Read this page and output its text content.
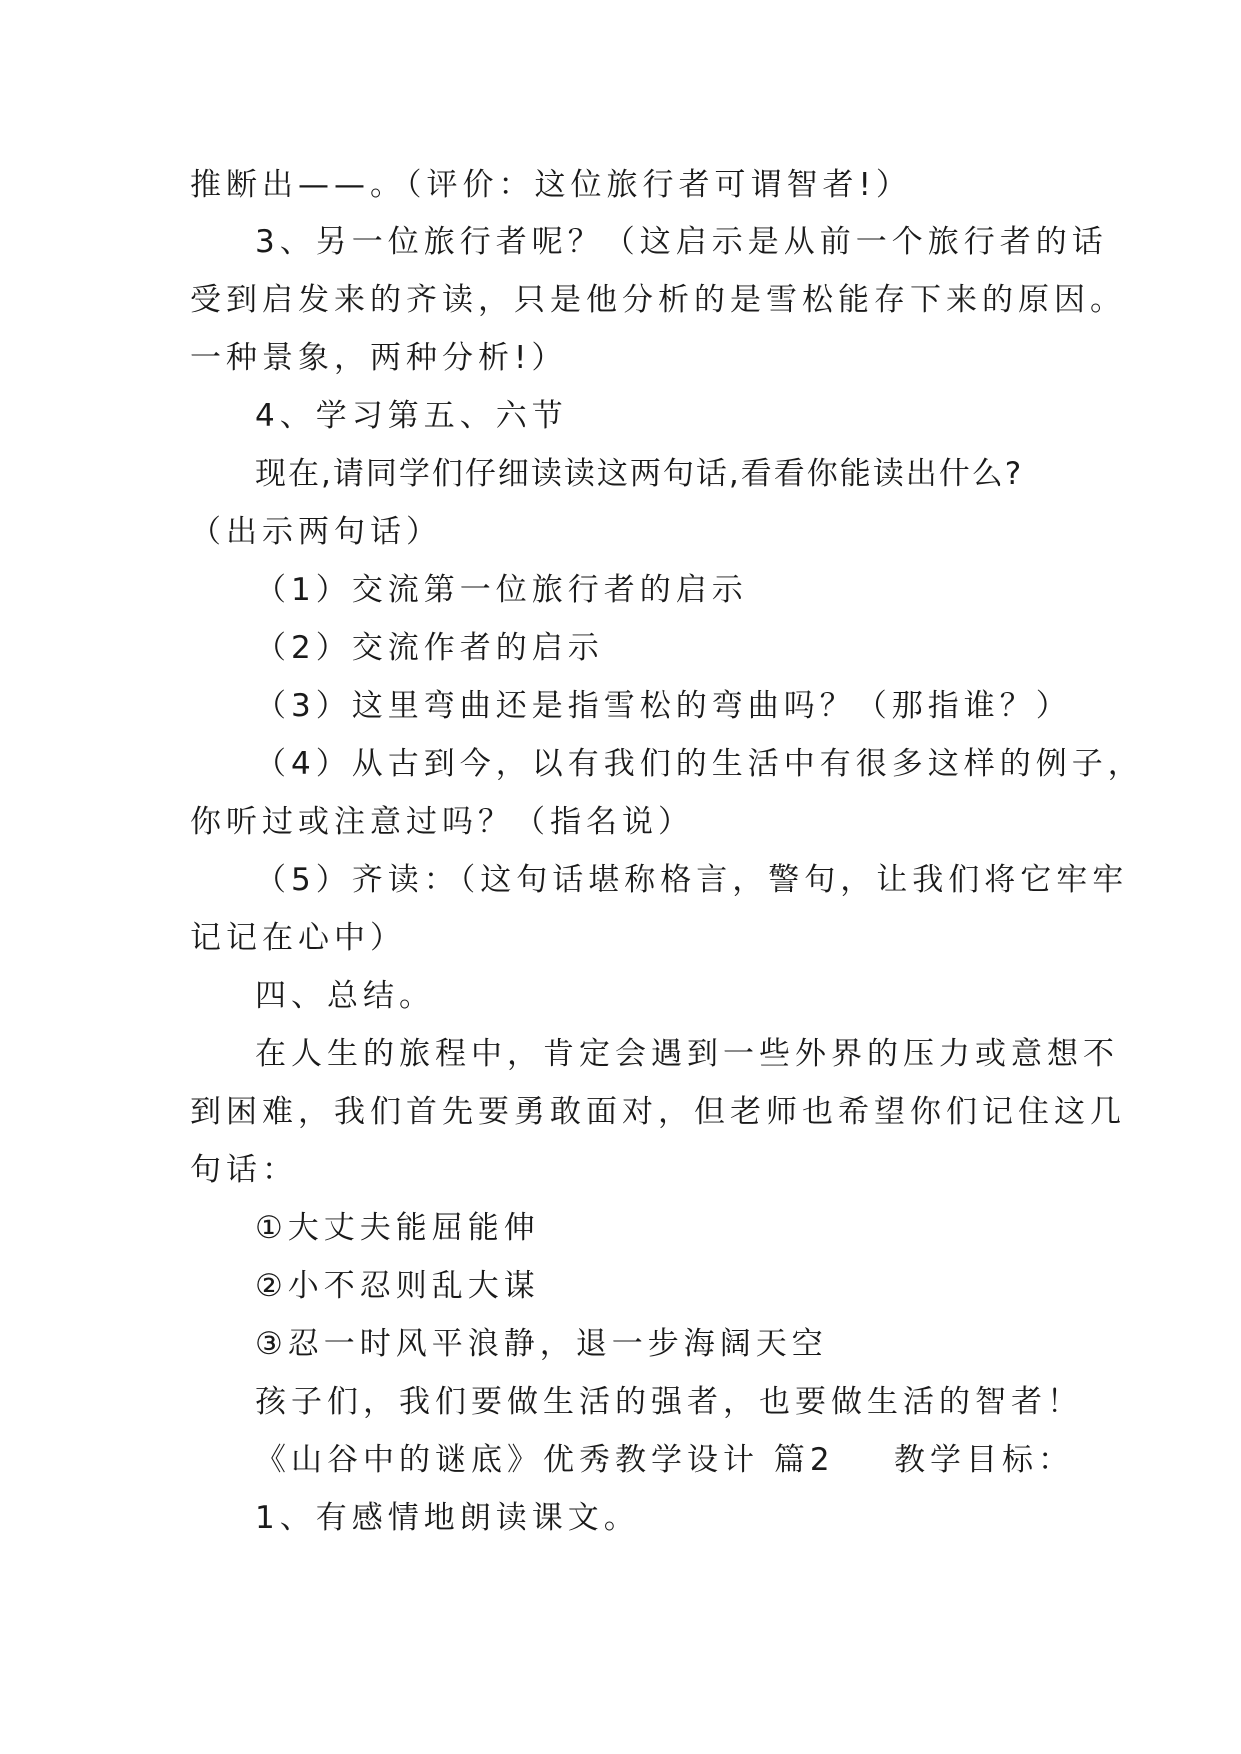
推断出——。（评价：这位旅行者可谓智者!）
3、另一位旅行者呢？（这启示是从前一个旅行者的话
受到启发来的齐读，只是他分析的是雪松能存下来的原因。
一种景象，两种分析!）
4、学习第五、六节
现在,请同学们仔细读读这两句话,看看你能读出什么?
（出示两句话）
（1）交流第一位旅行者的启示
（2）交流作者的启示
（3）这里弯曲还是指雪松的弯曲吗？（那指谁？）
（4）从古到今，以有我们的生活中有很多这样的例子，
你听过或注意过吗？（指名说）
（5）齐读：（这句话堪称格言，警句，让我们将它牢牢
记记在心中）
四、总结。
在人生的旅程中，肯定会遇到一些外界的压力或意想不
到困难，我们首先要勇敢面对，但老师也希望你们记住这几
句话：
①大丈夫能屈能伸
②小不忍则乱大谋
③忍一时风平浪静，退一步海阔天空
孩子们，我们要做生活的强者，也要做生活的智者！
《山谷中的谜底》优秀教学设计 篇2    教学目标：
1、有感情地朗读课文。
